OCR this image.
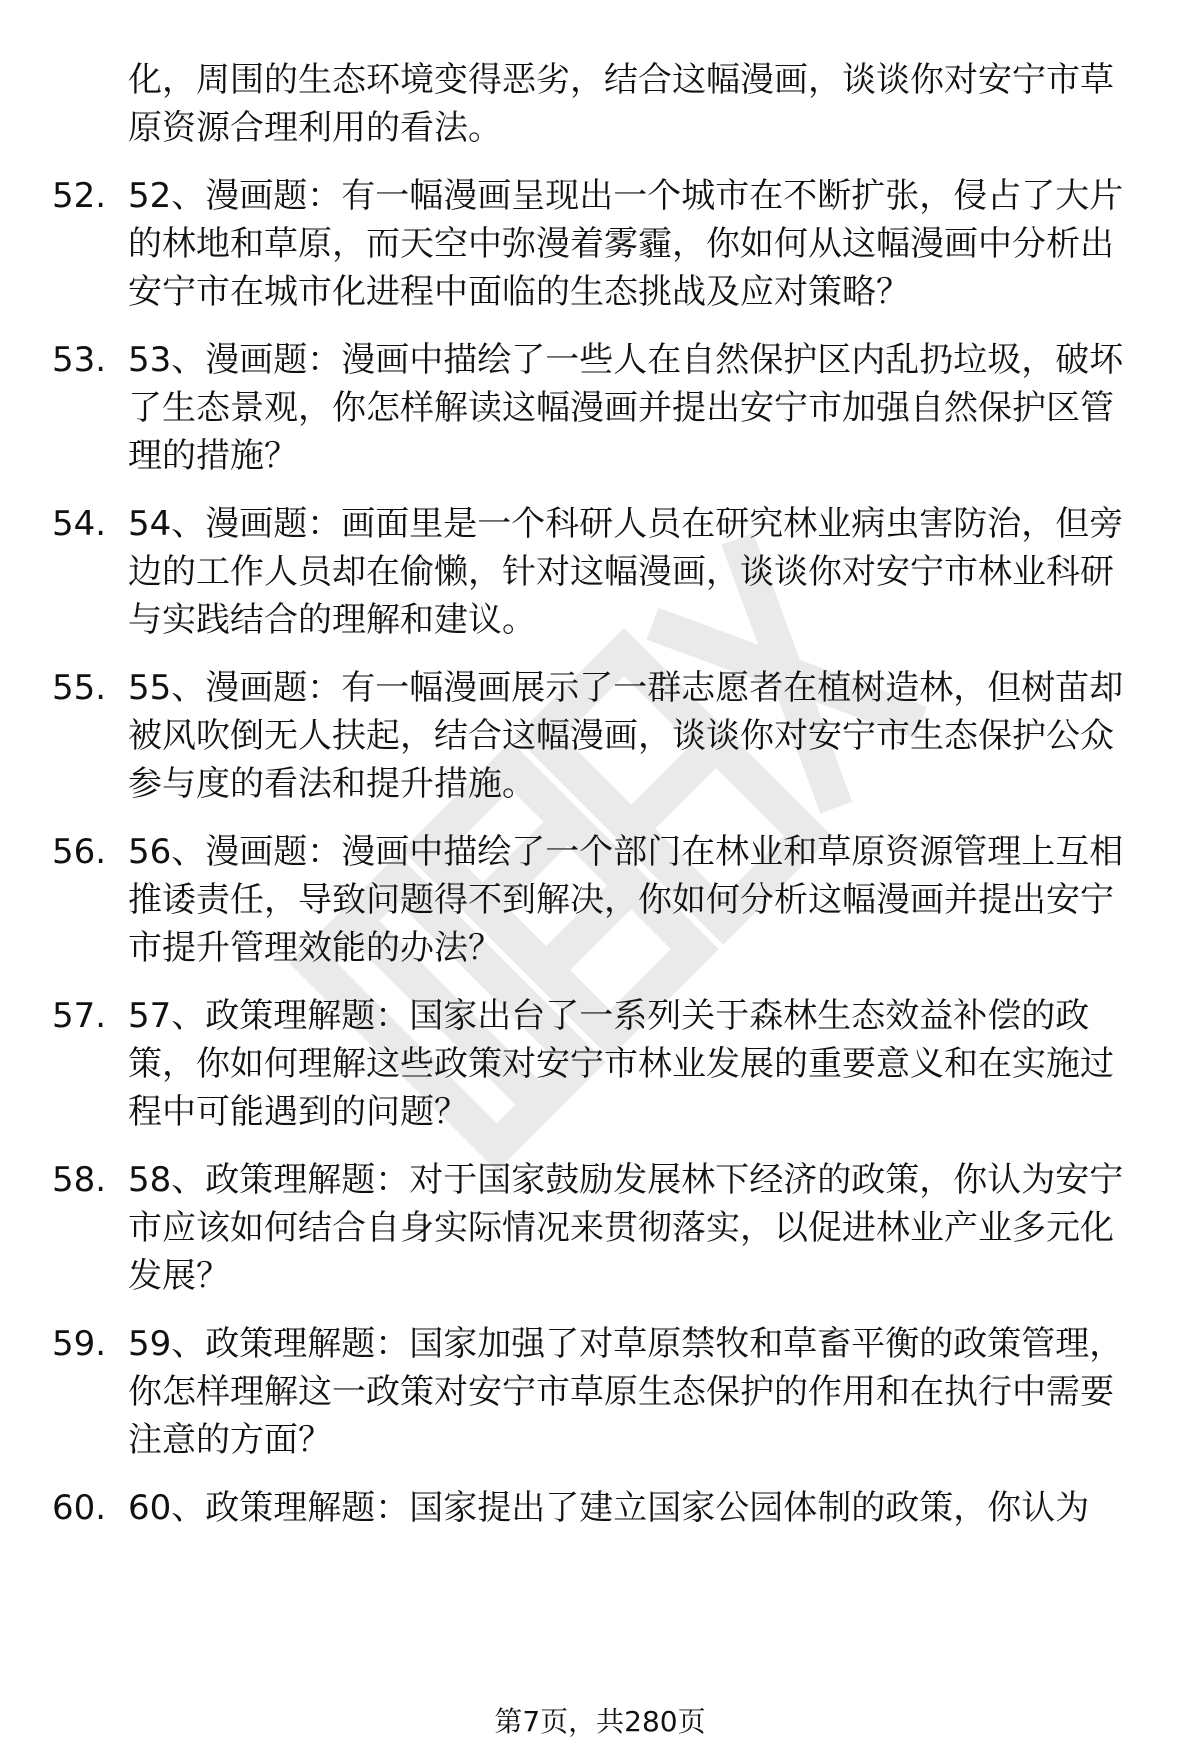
化，周围的生态环境变得恶劣，结合这幅漫画，谈谈你对安宁市草原资源合理利用的看法。

52. 52、漫画题：有一幅漫画呈现出一个城市在不断扩张，侵占了大片的林地和草原，而天空中弥漫着雾霾，你如何从这幅漫画中分析出安宁市在城市化进程中面临的生态挑战及应对策略？

53. 53、漫画题：漫画中描绘了一些人在自然保护区内乱扔垃圾，破坏了生态景观，你怎样解读这幅漫画并提出安宁市加强自然保护区管理的措施？

54. 54、漫画题：画面里是一个科研人员在研究林业病虫害防治，但旁边的工作人员却在偷懒，针对这幅漫画，谈谈你对安宁市林业科研与实践结合的理解和建议。

55. 55、漫画题：有一幅漫画展示了一群志愿者在植树造林，但树苗却被风吹倒无人扶起，结合这幅漫画，谈谈你对安宁市生态保护公众参与度的看法和提升措施。

56. 56、漫画题：漫画中描绘了一个部门在林业和草原资源管理上互相推诿责任，导致问题得不到解决，你如何分析这幅漫画并提出安宁市提升管理效能的办法？

57. 57、政策理解题：国家出台了一系列关于森林生态效益补偿的政策，你如何理解这些政策对安宁市林业发展的重要意义和在实施过程中可能遇到的问题？

58. 58、政策理解题：对于国家鼓励发展林下经济的政策，你认为安宁市应该如何结合自身实际情况来贯彻落实，以促进林业产业多元化发展？

59. 59、政策理解题：国家加强了对草原禁牧和草畜平衡的政策管理，你怎样理解这一政策对安宁市草原生态保护的作用和在执行中需要注意的方面？

60. 60、政策理解题：国家提出了建立国家公园体制的政策，你认为

第7页，共280页
